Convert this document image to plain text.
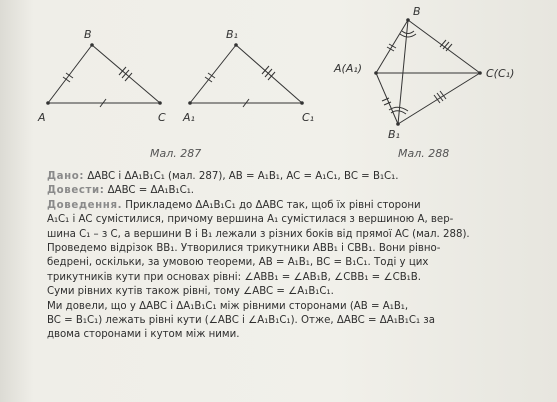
B
A	C
B₁
A₁	C₁
Мал. 287
B
A(A₁)	C(C₁)
B₁
Мал. 288
Дано: ΔABC і ΔA₁B₁C₁ (мал. 287), AB = A₁B₁, AC = A₁C₁, BC = B₁C₁.
Довести: ΔABC = ΔA₁B₁C₁.
Доведення. Прикладемо ΔA₁B₁C₁ до ΔABC так, щоб їх рівні сторони
A₁C₁ і AC сумістилися, причому вершина A₁ сумістилася з вершиною A, вер-
шина C₁ – з C, а вершини B і B₁ лежали з різних боків від прямої AC (мал. 288).
Проведемо відрізок BB₁. Утворилися трикутники ABB₁ і CBB₁. Вони рівно-
бедрені, оскільки, за умовою теореми, AB = A₁B₁, BC = B₁C₁. Тоді у цих
трикутників кути при основах рівні: ∠ABB₁ = ∠AB₁B, ∠CBB₁ = ∠CB₁B.
Суми рівних кутів також рівні, тому ∠ABC = ∠A₁B₁C₁.
Ми довели, що у ΔABC і ΔA₁B₁C₁ між рівними сторонами (AB = A₁B₁,
BC = B₁C₁) лежать рівні кути (∠ABC і ∠A₁B₁C₁). Отже, ΔABC = ΔA₁B₁C₁ за
двома сторонами і кутом між ними.
